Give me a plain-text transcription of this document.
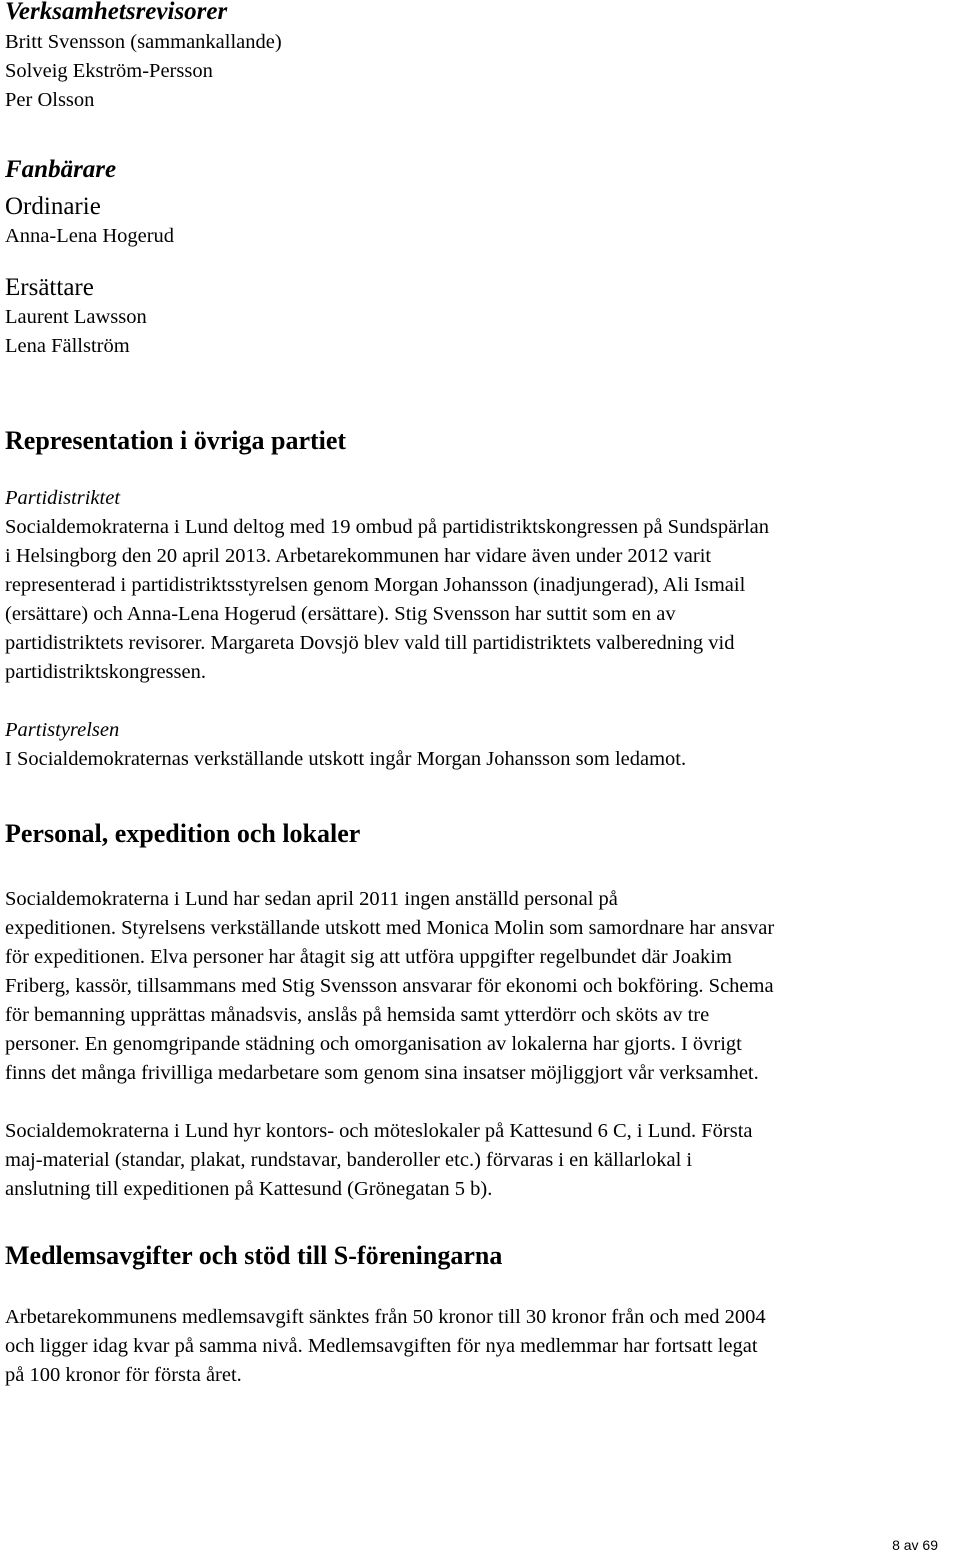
Verksamhetsrevisorer

Britt Svensson (sammankallande)

Solveig Ekström-Persson

Per Olsson

Fanbärare

Ordinarie

Anna-Lena Hogerud

Ersättare

Laurent Lawsson

Lena Fällström

Representation i övriga partiet

Partidistriktet

Socialdemokraterna i Lund deltog med 19 ombud på partidistriktskongressen på Sundspärlan

i Helsingborg den 20 april 2013. Arbetarekommunen har vidare även under 2012 varit

representerad i partidistriktsstyrelsen genom Morgan Johansson (inadjungerad), Ali Ismail

(ersättare) och Anna-Lena Hogerud (ersättare). Stig Svensson har suttit som en av

partidistriktets revisorer. Margareta Dovsjö blev vald till partidistriktets valberedning vid

partidistriktskongressen.

Partistyrelsen

I Socialdemokraternas verkställande utskott ingår Morgan Johansson som ledamot.

Personal, expedition och lokaler

Socialdemokraterna i Lund har sedan april 2011 ingen anställd personal på

expeditionen. Styrelsens verkställande utskott med Monica Molin som samordnare har ansvar

för expeditionen. Elva personer har åtagit sig att utföra uppgifter regelbundet där Joakim

Friberg, kassör, tillsammans med Stig Svensson ansvarar för ekonomi och bokföring. Schema

för bemanning upprättas månadsvis, anslås på hemsida samt ytterdörr och sköts av tre

personer. En genomgripande städning och omorganisation av lokalerna har gjorts. I övrigt

finns det många frivilliga medarbetare som genom sina insatser möjliggjort vår verksamhet.

Socialdemokraterna i Lund hyr kontors- och möteslokaler på Kattesund 6 C, i Lund. Första

maj-material (standar, plakat, rundstavar, banderoller etc.) förvaras i en källarlokal i

anslutning till expeditionen på Kattesund (Grönegatan 5 b).

Medlemsavgifter och stöd till S-föreningarna

Arbetarekommunens medlemsavgift sänktes från 50 kronor till 30 kronor från och med 2004

och ligger idag kvar på samma nivå. Medlemsavgiften för nya medlemmar har fortsatt legat

på 100 kronor för första året.

8 av 69
